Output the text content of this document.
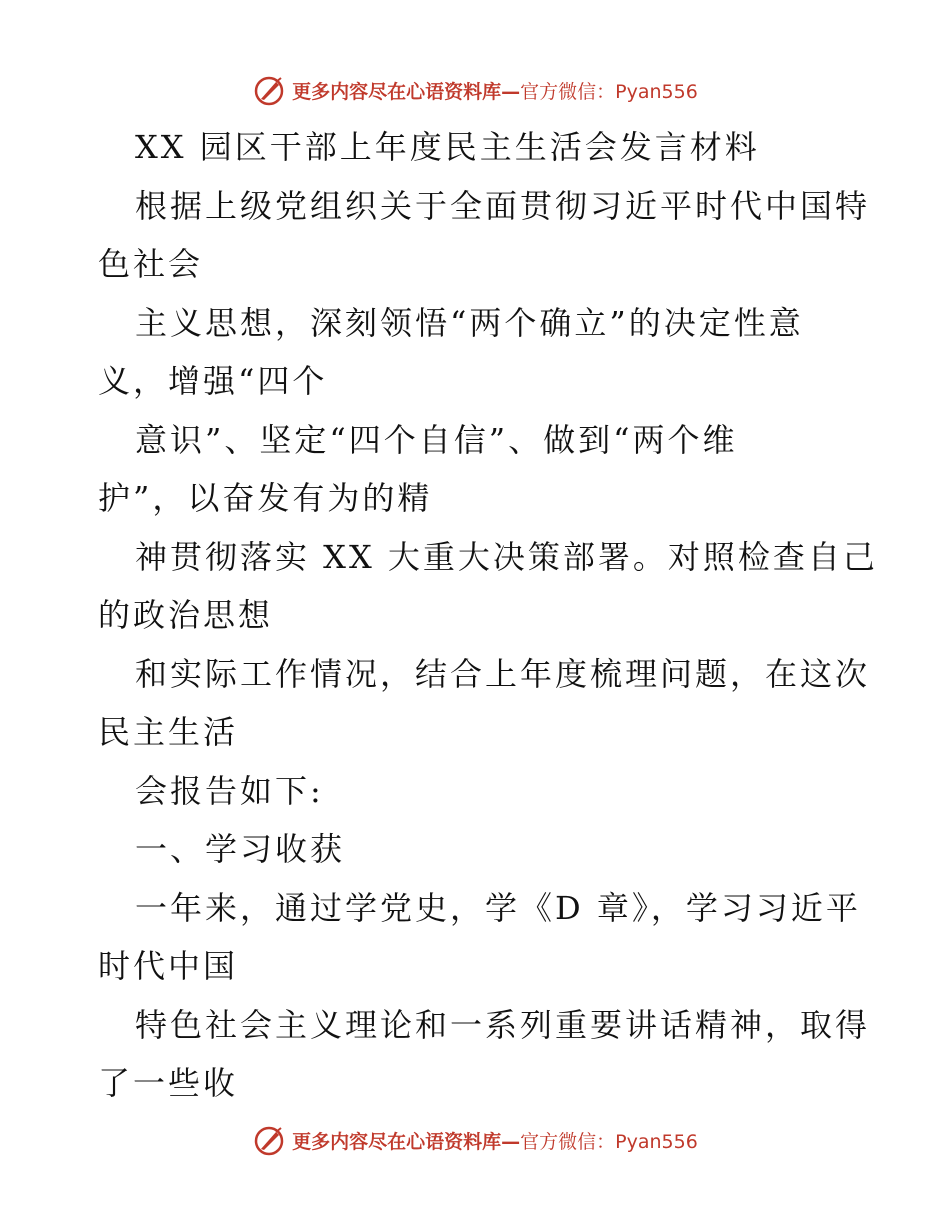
更多内容尽在心语资料库—官方微信：Pyan556
XX 园区干部上年度民主生活会发言材料
根据上级党组织关于全面贯彻习近平时代中国特
色社会
主义思想，深刻领悟“两个确立”的决定性意
义，增强“四个
意识”、坚定“四个自信”、做到“两个维
护”，以奋发有为的精
神贯彻落实 XX 大重大决策部署。对照检查自己
的政治思想
和实际工作情况，结合上年度梳理问题，在这次
民主生活
会报告如下:
一、学习收获
一年来，通过学党史，学《D 章》，学习习近平
时代中国
特色社会主义理论和一系列重要讲话精神，取得
了一些收
更多内容尽在心语资料库—官方微信：Pyan556
